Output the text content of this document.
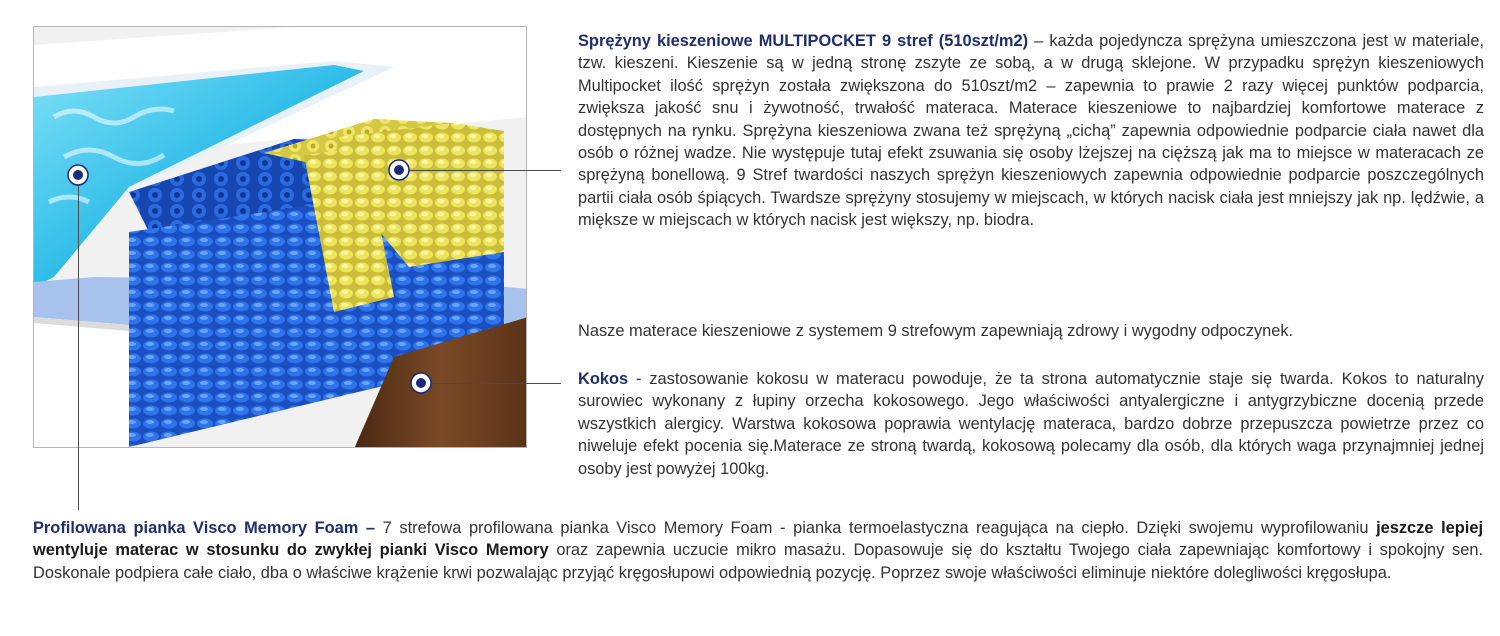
Sprężyny kieszeniowe MULTIPOCKET 9 stref (510szt/m2) – każda pojedyncza sprężyna umieszczona jest w materiale, tzw. kieszeni. Kieszenie są w jedną stronę zszyte ze sobą, a w drugą sklejone. W przypadku sprężyn kieszeniowych Multipocket ilość sprężyn została zwiększona do 510szt/m2 – zapewnia to prawie 2 razy więcej punktów podparcia, zwiększa jakość snu i żywotność, trwałość materaca. Materace kieszeniowe to najbardziej komfortowe materace z dostępnych na rynku. Sprężyna kieszeniowa zwana też sprężyną „cichą” zapewnia odpowiednie podparcie ciała nawet dla osób o różnej wadze. Nie występuje tutaj efekt zsuwania się osoby lżejszej na cięższą jak ma to miejsce w materacach ze sprężyną bonellową. 9 Stref twardości naszych sprężyn kieszeniowych zapewnia odpowiednie podparcie poszczególnych partii ciała osób śpiących. Twardsze sprężyny stosujemy w miejscach, w których nacisk ciała jest mniejszy jak np. lędźwie, a miększe w miejscach w których nacisk jest większy, np. biodra.

Nasze materace kieszeniowe z systemem 9 strefowym zapewniają zdrowy i wygodny odpoczynek.

Kokos - zastosowanie kokosu w materacu powoduje, że ta strona automatycznie staje się twarda. Kokos to naturalny surowiec wykonany z łupiny orzecha kokosowego. Jego właściwości antyalergiczne i antygrzybiczne docenią przede wszystkich alergicy. Warstwa kokosowa poprawia wentylację materaca, bardzo dobrze przepuszcza powietrze przez co niweluje efekt pocenia się.Materace ze stroną twardą, kokosową polecamy dla osób, dla których waga przynajmniej jednej osoby jest powyżej 100kg.

Profilowana pianka Visco Memory Foam – 7 strefowa profilowana pianka Visco Memory Foam - pianka termoelastyczna reagująca na ciepło. Dzięki swojemu wyprofilowaniu jeszcze lepiej wentyluje materac w stosunku do zwykłej pianki Visco Memory oraz zapewnia uczucie mikro masażu. Dopasowuje się do kształtu Twojego ciała zapewniając komfortowy i spokojny sen. Doskonale podpiera całe ciało, dba o właściwe krążenie krwi pozwalając przyjąć kręgosłupowi odpowiednią pozycję. Poprzez swoje właściwości eliminuje niektóre dolegliwości kręgosłupa.
